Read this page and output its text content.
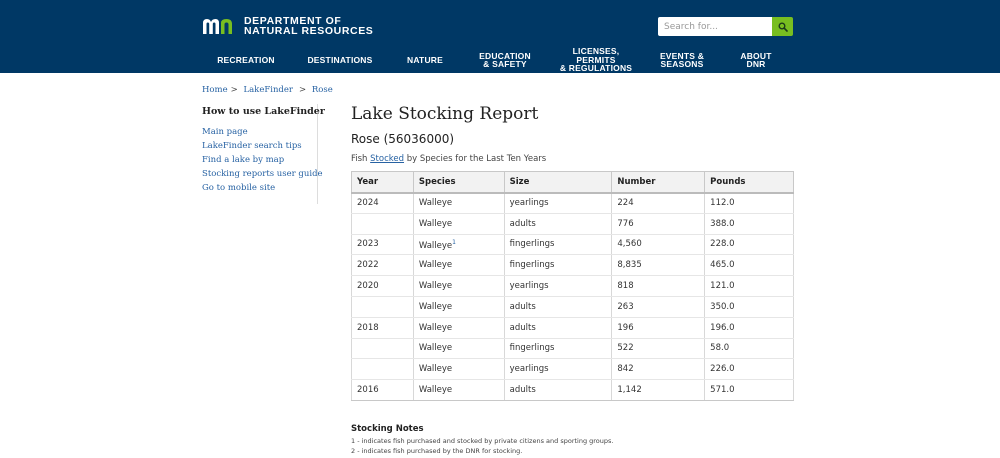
DEPARTMENT OF
NATURAL RESOURCES
Search for...
RECREATION	DESTINATIONS	NATURE	EDUCATION
& SAFETY
LICENSES, PERMITS
& REGULATIONS
EVENTS &
SEASONS
ABOUT
DNR
Home > LakeFinder > Rose
How to use LakeFinder
Main page
LakeFinder search tips
Find a lake by map
Stocking reports user guide
Go to mobile site
Lake Stocking Report
Rose (56036000)
Fish Stocked by Species for the Last Ten Years
Year	Species	Size	Number	Pounds
2024	Walleye	yearlings	224	112.0
	Walleye	adults	776	388.0
2023	Walleye$^1$	fingerlings	4,560	228.0
2022	Walleye	fingerlings	8,835	465.0
2020	Walleye	yearlings	818	121.0
	Walleye	adults	263	350.0
2018	Walleye	adults	196	196.0
	Walleye	fingerlings	522	58.0
	Walleye	yearlings	842	226.0
2016	Walleye	adults	1,142	571.0
Stocking Notes
1 - indicates fish purchased and stocked by private citizens and sporting groups.
2 - indicates fish purchased by the DNR for stocking.
